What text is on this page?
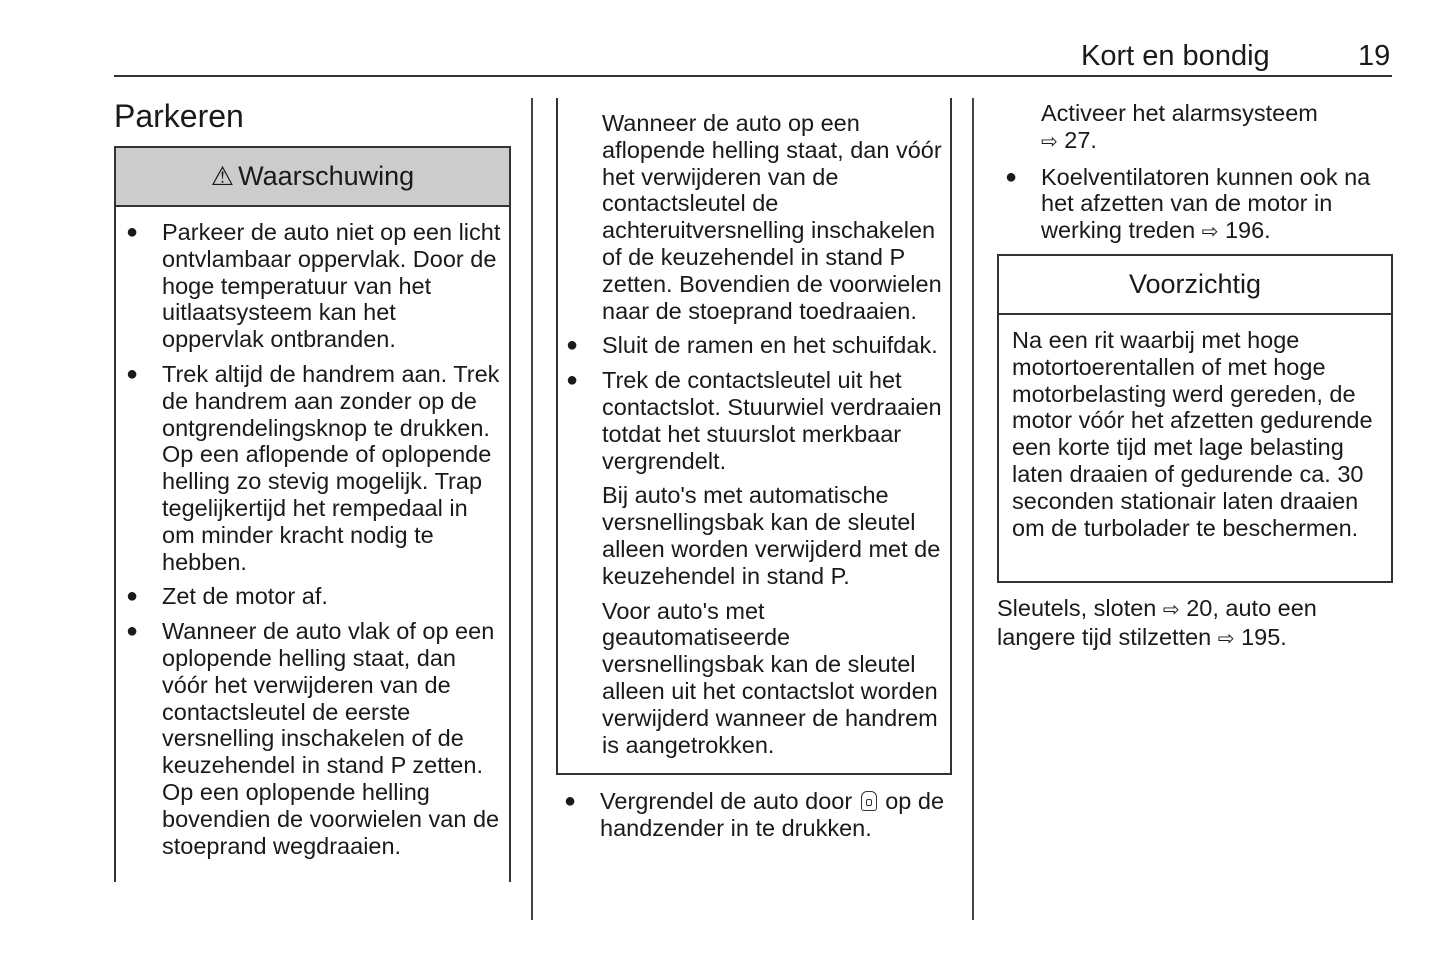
Kort en bondig	19
Parkeren
⚠ Waarschuwing
● Parkeer de auto niet op een licht ontvlambaar oppervlak. Door de hoge temperatuur van het uitlaatsysteem kan het oppervlak ontbranden.
● Trek altijd de handrem aan. Trek de handrem aan zonder op de ontgrendelingsknop te drukken. Op een aflopende of oplopende helling zo stevig mogelijk. Trap tegelijkertijd het rempedaal in om minder kracht nodig te hebben.
● Zet de motor af.
● Wanneer de auto vlak of op een oplopende helling staat, dan vóór het verwijderen van de contactsleutel de eerste versnelling inschakelen of de keuzehendel in stand P zetten. Op een oplopende helling bovendien de voorwielen van de stoeprand wegdraaien.

Wanneer de auto op een aflopende helling staat, dan vóór het verwijderen van de contactsleutel de achteruitversnelling inschakelen of de keuzehendel in stand P zetten. Bovendien de voorwielen naar de stoeprand toedraaien.

● Sluit de ramen en het schuifdak.
● Trek de contactsleutel uit het contactslot. Stuurwiel verdraaien totdat het stuurslot merkbaar vergrendelt.

Bij auto's met automatische versnellingsbak kan de sleutel alleen worden verwijderd met de keuzehendel in stand P.

Voor auto's met geautomatiseerde versnellingsbak kan de sleutel alleen uit het contactslot worden verwijderd wanneer de handrem is aangetrokken.

● Vergrendel de auto door op de handzender in te drukken.
Activeer het alarmsysteem
⇨ 27.
● Koelventilatoren kunnen ook na het afzetten van de motor in werking treden ⇨ 196.
Voorzichtig
Na een rit waarbij met hoge motortoerentallen of met hoge motorbelasting werd gereden, de motor vóór het afzetten gedurende een korte tijd met lage belasting laten draaien of gedurende ca. 30 seconden stationair laten draaien om de turbolader te beschermen.
Sleutels, sloten ⇨ 20, auto een
langere tijd stilzetten ⇨ 195.
